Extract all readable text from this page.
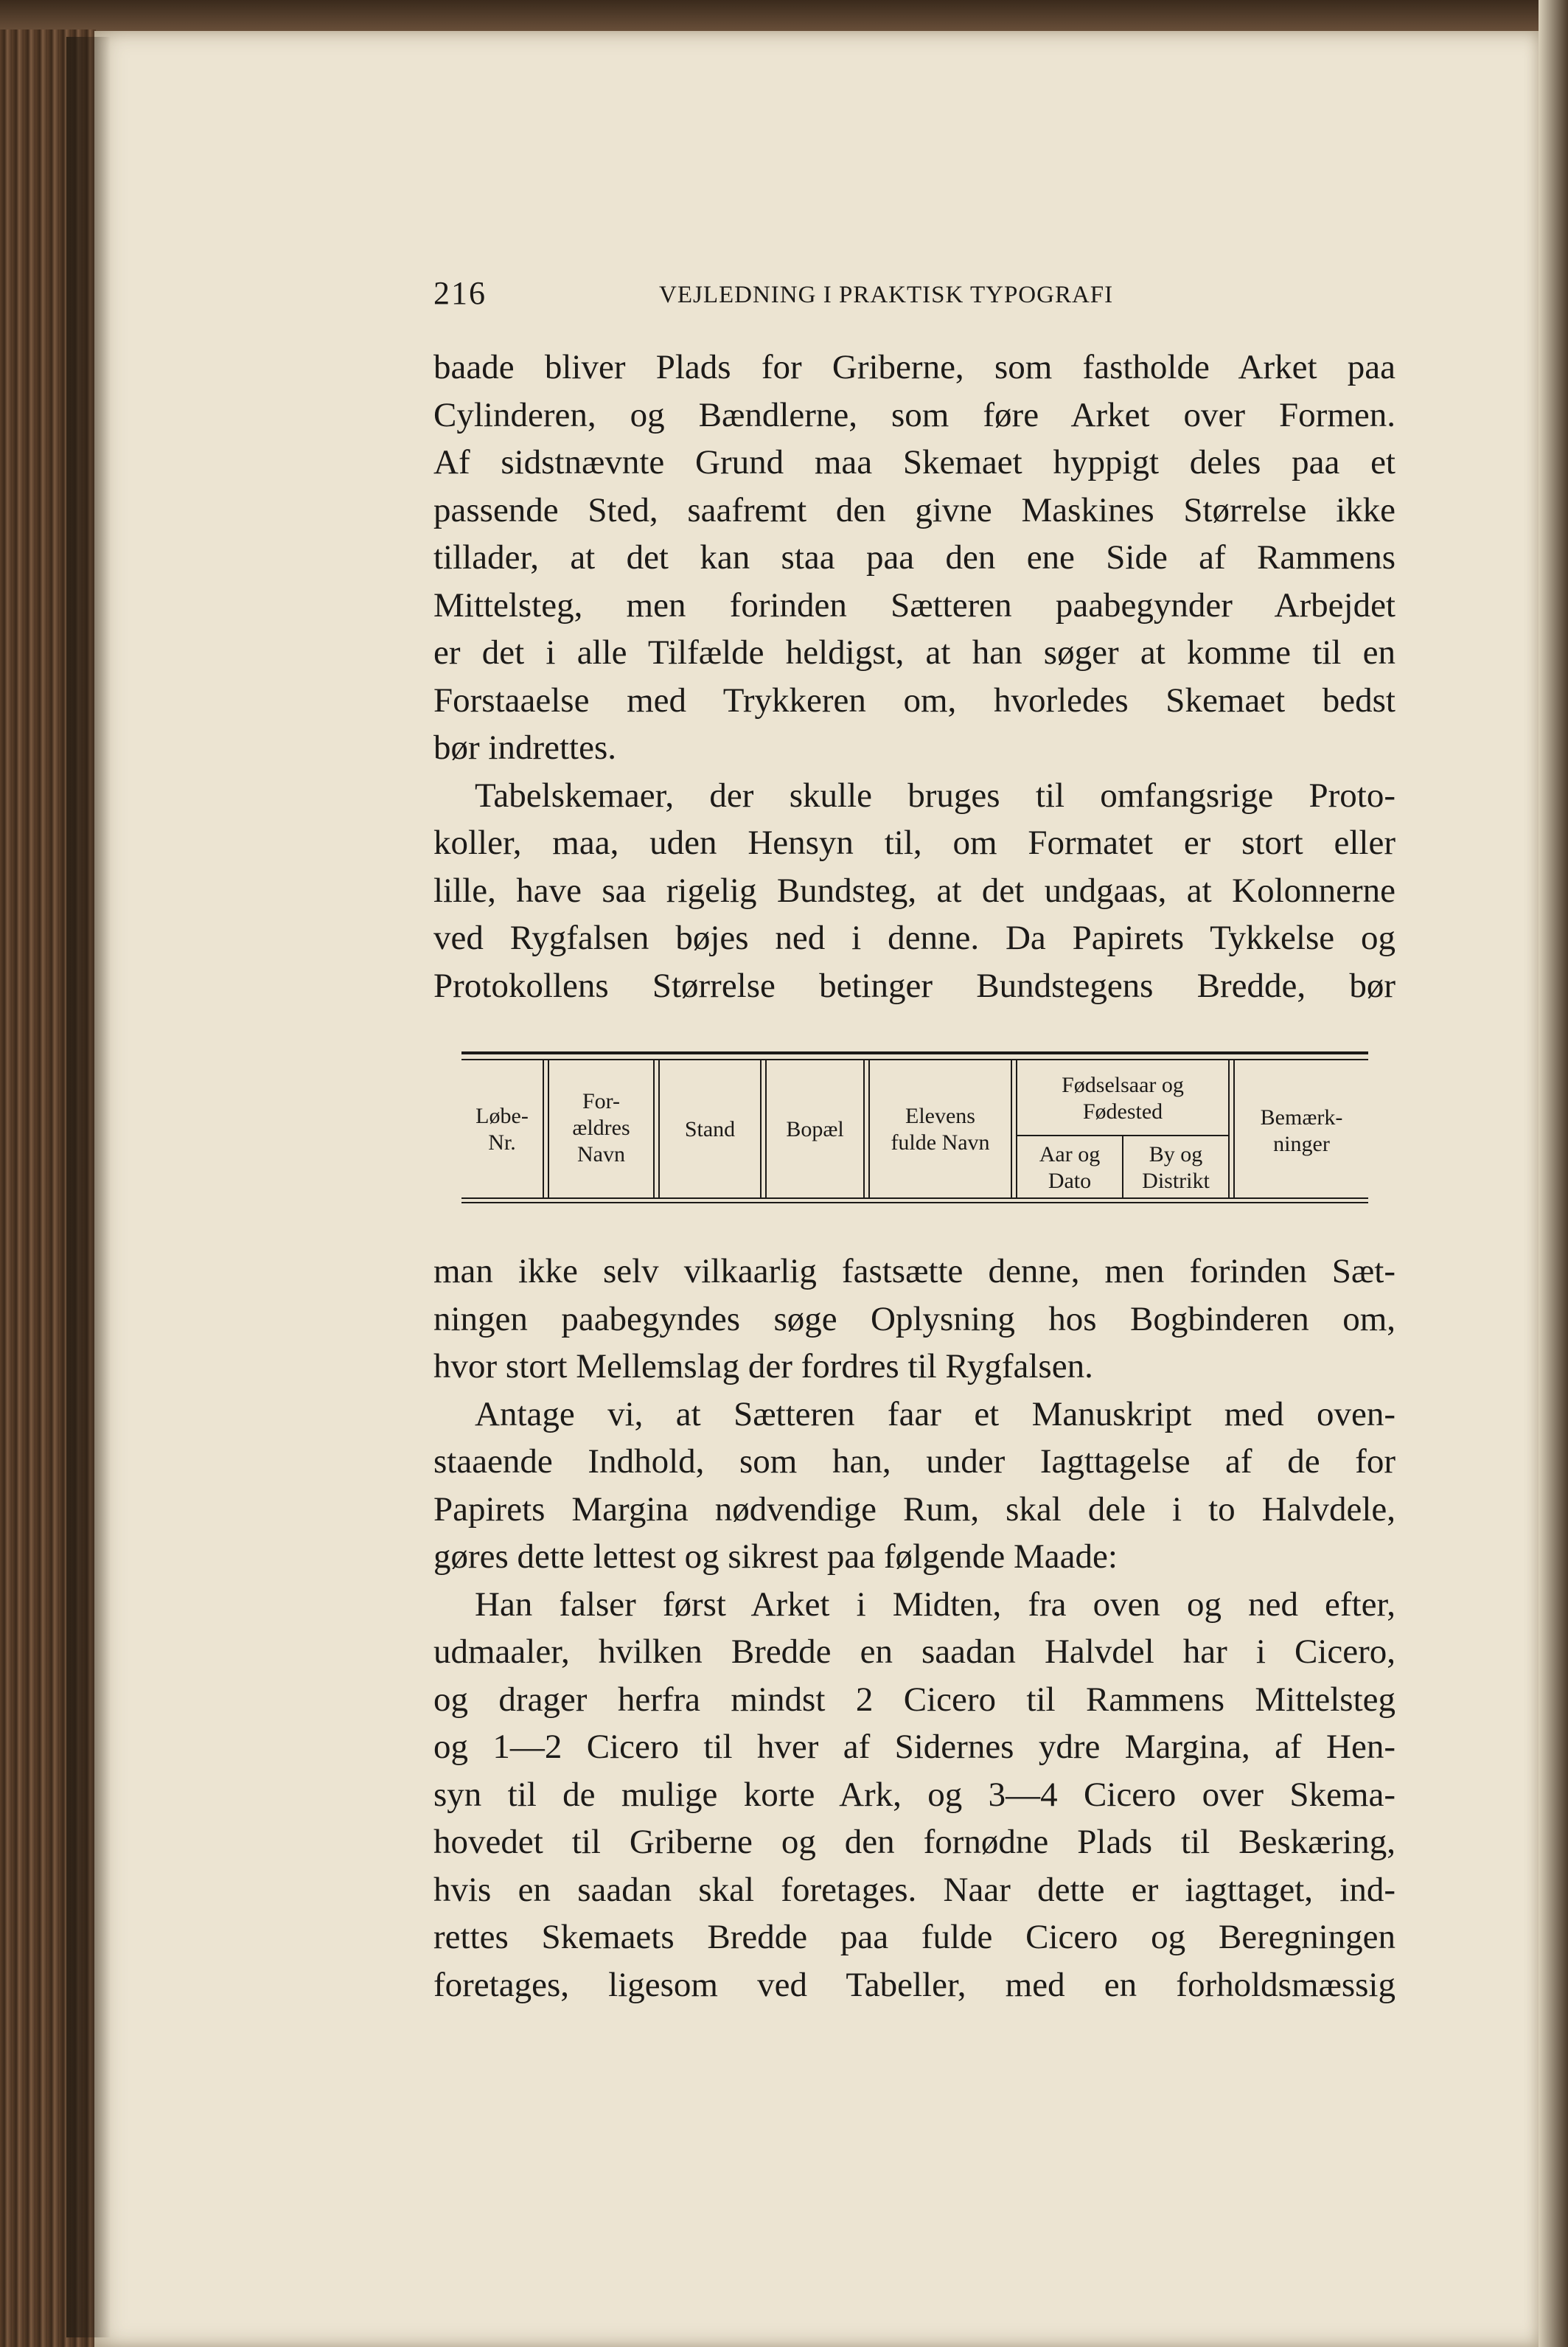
216	VEJLEDNING I PRAKTISK TYPOGRAFI
baade bliver Plads for Griberne, som fastholde Arket paa
Cylinderen, og Bændlerne, som føre Arket over Formen.
Af sidstnævnte Grund maa Skemaet hyppigt deles paa et
passende Sted, saafremt den givne Maskines Størrelse ikke
tillader, at det kan staa paa den ene Side af Rammens
Mittelsteg, men forinden Sætteren paabegynder Arbejdet
er det i alle Tilfælde heldigst, at han søger at komme til en
Forstaaelse med Trykkeren om, hvorledes Skemaet bedst
bør indrettes.
Tabelskemaer, der skulle bruges til omfangsrige Proto-
koller, maa, uden Hensyn til, om Formatet er stort eller
lille, have saa rigelig Bundsteg, at det undgaas, at Kolonnerne
ved Rygfalsen bøjes ned i denne. Da Papirets Tykkelse og
Protokollens Størrelse betinger Bundstegens Bredde, bør
Løbe-
Nr.
For-
ældres
Navn
Stand	Bopæl
Elevens
fulde Navn
Fødselsaar og
Fødested
Aar og
Dato
By og
Distrikt
Bemærk-
ninger
man ikke selv vilkaarlig fastsætte denne, men forinden Sæt-
ningen paabegyndes søge Oplysning hos Bogbinderen om,
hvor stort Mellemslag der fordres til Rygfalsen.
Antage vi, at Sætteren faar et Manuskript med oven-
staaende Indhold, som han, under Iagttagelse af de for
Papirets Margina nødvendige Rum, skal dele i to Halvdele,
gøres dette lettest og sikrest paa følgende Maade:
Han falser først Arket i Midten, fra oven og ned efter,
udmaaler, hvilken Bredde en saadan Halvdel har i Cicero,
og drager herfra mindst 2 Cicero til Rammens Mittelsteg
og 1—2 Cicero til hver af Sidernes ydre Margina, af Hen-
syn til de mulige korte Ark, og 3—4 Cicero over Skema-
hovedet til Griberne og den fornødne Plads til Beskæring,
hvis en saadan skal foretages. Naar dette er iagttaget, ind-
rettes Skemaets Bredde paa fulde Cicero og Beregningen
foretages, ligesom ved Tabeller, med en forholdsmæssig
